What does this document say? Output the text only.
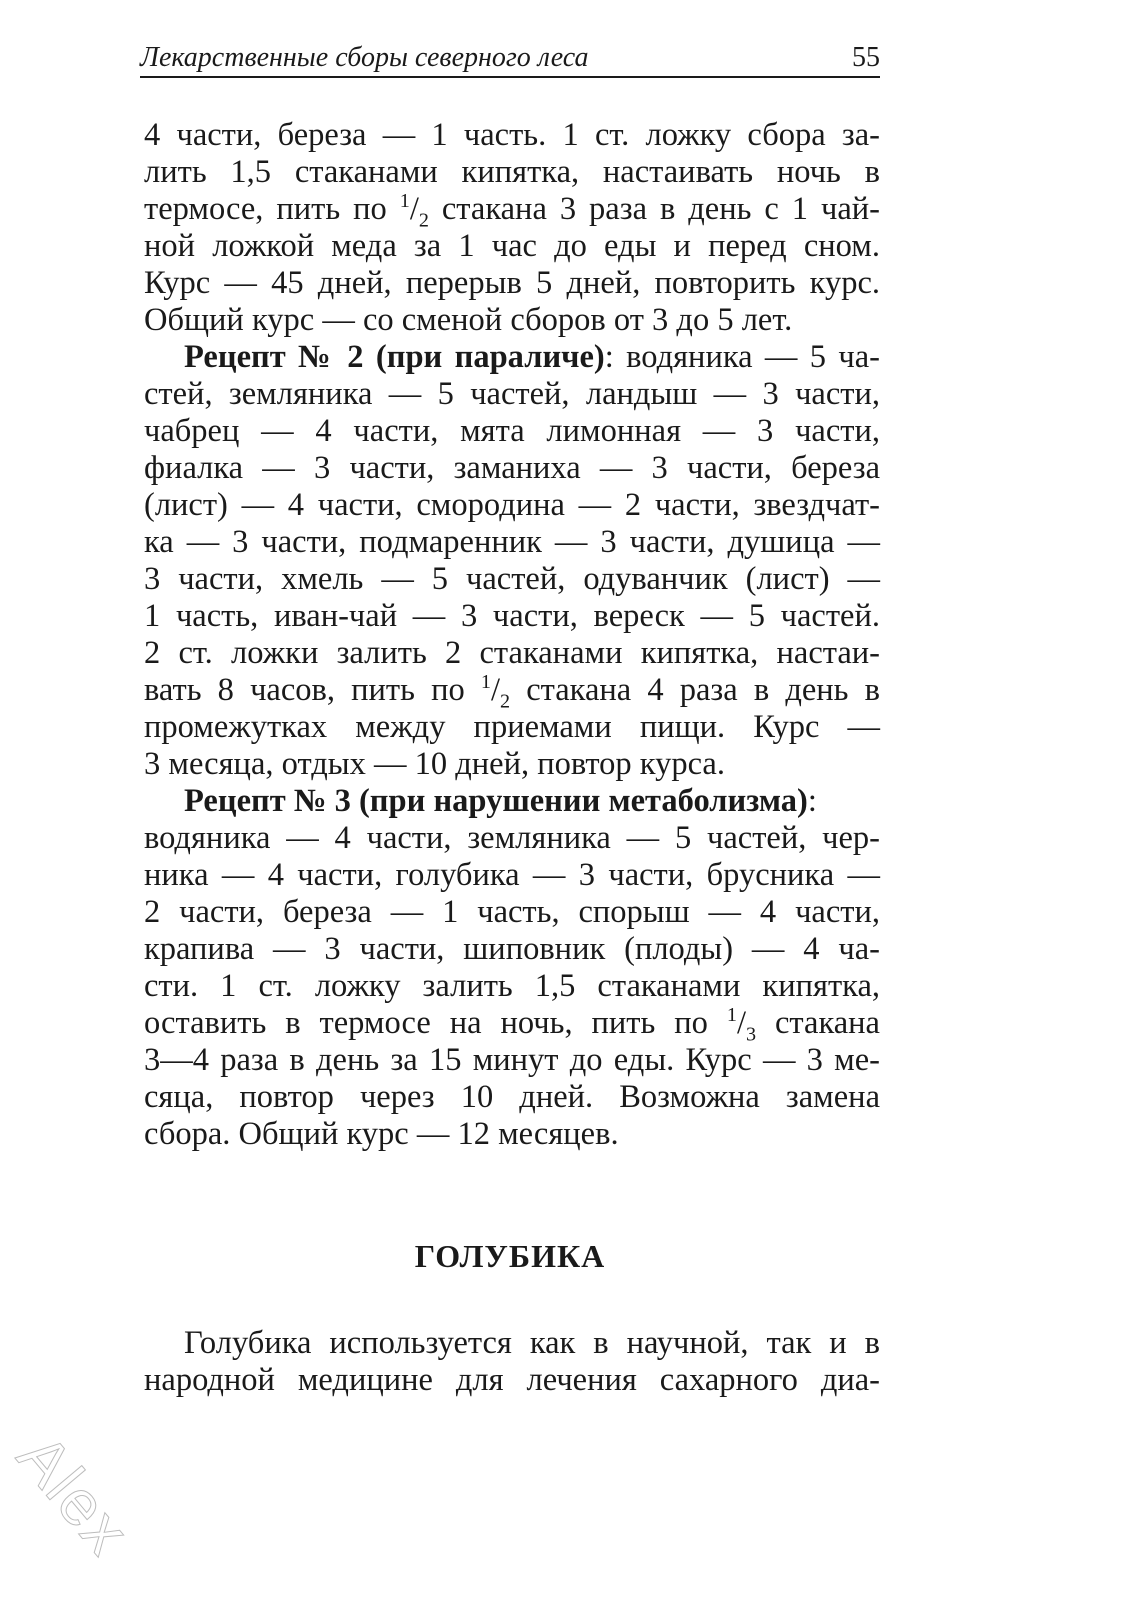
Лекарственные сборы северного леса	55
4 части, береза — 1 часть. 1 ст. ложку сбора за-
лить 1,5 стаканами кипятка, настаивать ночь в
термосе, пить по $^1/_2$ стакана 3 раза в день с 1 чай-
ной ложкой меда за 1 час до еды и перед сном.
Курс — 45 дней, перерыв 5 дней, повторить курс.
Общий курс — со сменой сборов от 3 до 5 лет.
Рецепт № 2 (при параличе): водяника — 5 ча-
стей, земляника — 5 частей, ландыш — 3 части,
чабрец — 4 части, мята лимонная — 3 части,
фиалка — 3 части, заманиха — 3 части, береза
(лист) — 4 части, смородина — 2 части, звездчат-
ка — 3 части, подмаренник — 3 части, душица —
3 части, хмель — 5 частей, одуванчик (лист) —
1 часть, иван-чай — 3 части, вереск — 5 частей.
2 ст. ложки залить 2 стаканами кипятка, настаи-
вать 8 часов, пить по $^1/_2$ стакана 4 раза в день в
промежутках между приемами пищи. Курс —
3 месяца, отдых — 10 дней, повтор курса.
Рецепт № 3 (при нарушении метаболизма):
водяника — 4 части, земляника — 5 частей, чер-
ника — 4 части, голубика — 3 части, брусника —
2 части, береза — 1 часть, спорыш — 4 части,
крапива — 3 части, шиповник (плоды) — 4 ча-
сти. 1 ст. ложку залить 1,5 стаканами кипятка,
оставить в термосе на ночь, пить по $^1/_3$ стакана
3—4 раза в день за 15 минут до еды. Курс — 3 ме-
сяца, повтор через 10 дней. Возможна замена
сбора. Общий курс — 12 месяцев.
Голубика используется как в научной, так и в
народной медицине для лечения сахарного диа-
ГОЛУБИКА
Alex
